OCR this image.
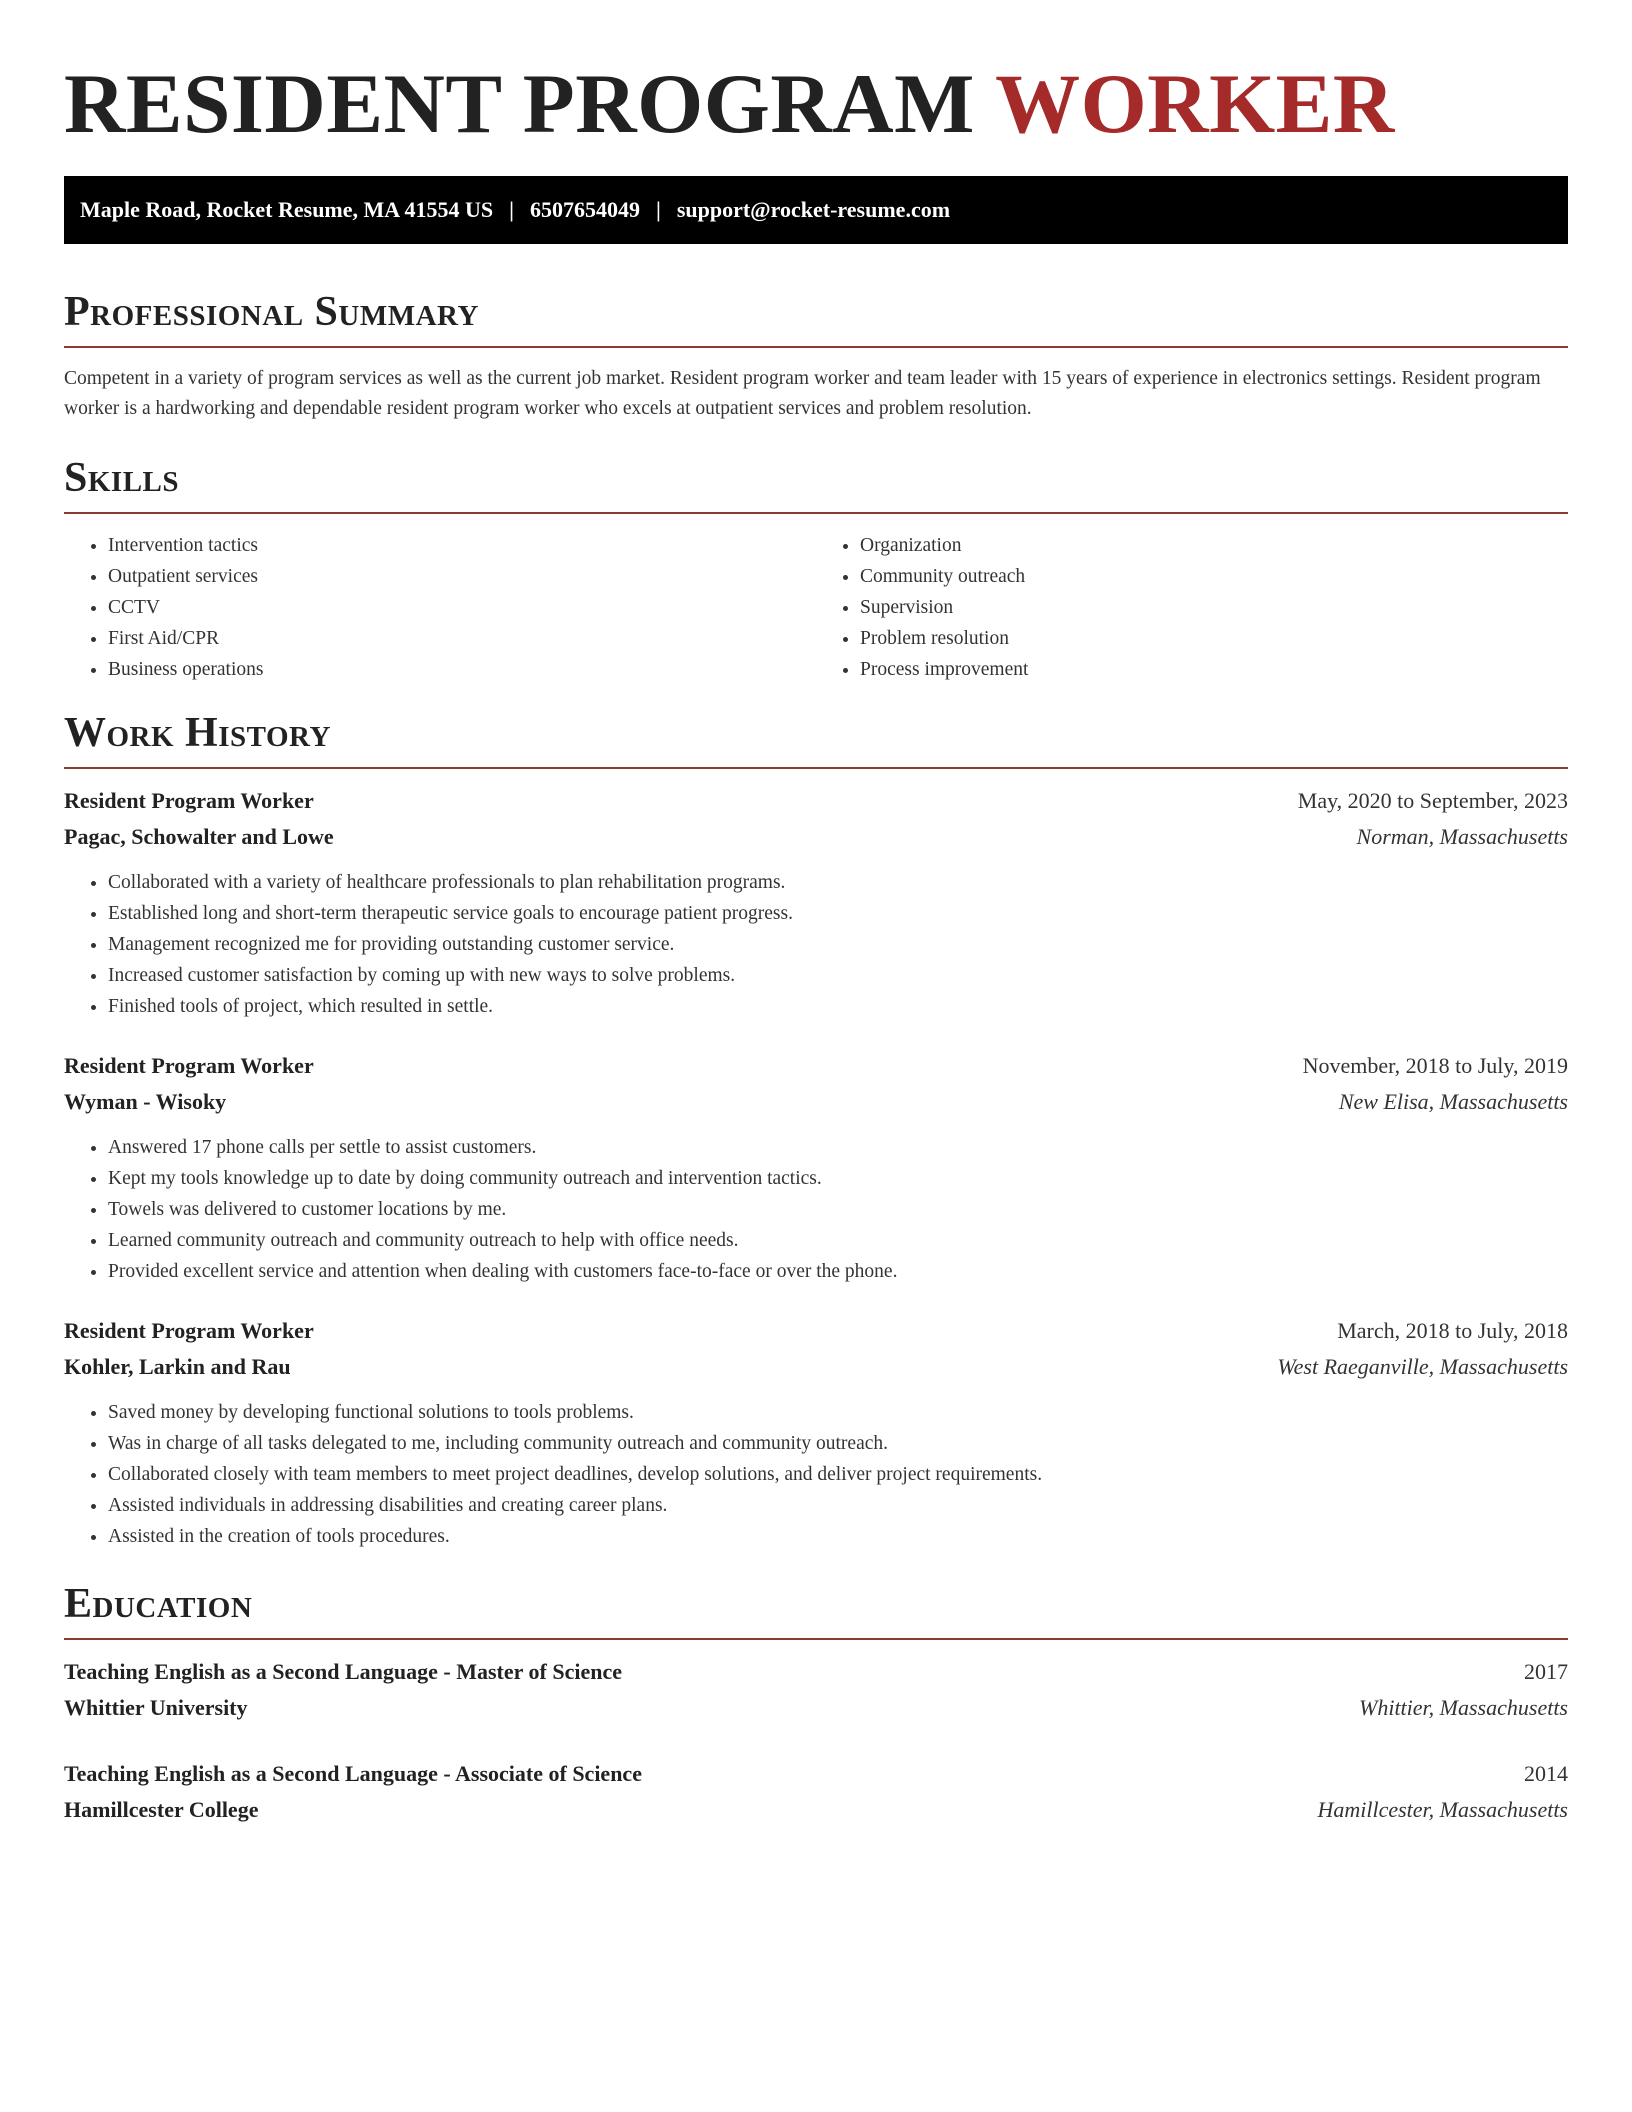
RESIDENT PROGRAM WORKER
Maple Road, Rocket Resume, MA 41554 US | 6507654049 | support@rocket-resume.com
Professional Summary

Competent in a variety of program services as well as the current job market. Resident program worker and team leader with 15 years of experience in electronics settings. Resident program worker is a hardworking and dependable resident program worker who excels at outpatient services and problem resolution.

Skills
• Intervention tactics
• Outpatient services
• CCTV
• First Aid/CPR
• Business operations
• Organization
• Community outreach
• Supervision
• Problem resolution
• Process improvement
Work History
Resident Program Worker	May, 2020 to September, 2023
Pagac, Schowalter and Lowe	Norman, Massachusetts
• Collaborated with a variety of healthcare professionals to plan rehabilitation programs.
• Established long and short-term therapeutic service goals to encourage patient progress.
• Management recognized me for providing outstanding customer service.
• Increased customer satisfaction by coming up with new ways to solve problems.
• Finished tools of project, which resulted in settle.
Resident Program Worker	November, 2018 to July, 2019
Wyman - Wisoky	New Elisa, Massachusetts
• Answered 17 phone calls per settle to assist customers.
• Kept my tools knowledge up to date by doing community outreach and intervention tactics.
• Towels was delivered to customer locations by me.
• Learned community outreach and community outreach to help with office needs.
• Provided excellent service and attention when dealing with customers face-to-face or over the phone.
Resident Program Worker	March, 2018 to July, 2018
Kohler, Larkin and Rau	West Raeganville, Massachusetts
• Saved money by developing functional solutions to tools problems.
• Was in charge of all tasks delegated to me, including community outreach and community outreach.
• Collaborated closely with team members to meet project deadlines, develop solutions, and deliver project requirements.
• Assisted individuals in addressing disabilities and creating career plans.
• Assisted in the creation of tools procedures.
Education
Teaching English as a Second Language - Master of Science	2017
Whittier University	Whittier, Massachusetts
Teaching English as a Second Language - Associate of Science	2014
Hamillcester College	Hamillcester, Massachusetts
